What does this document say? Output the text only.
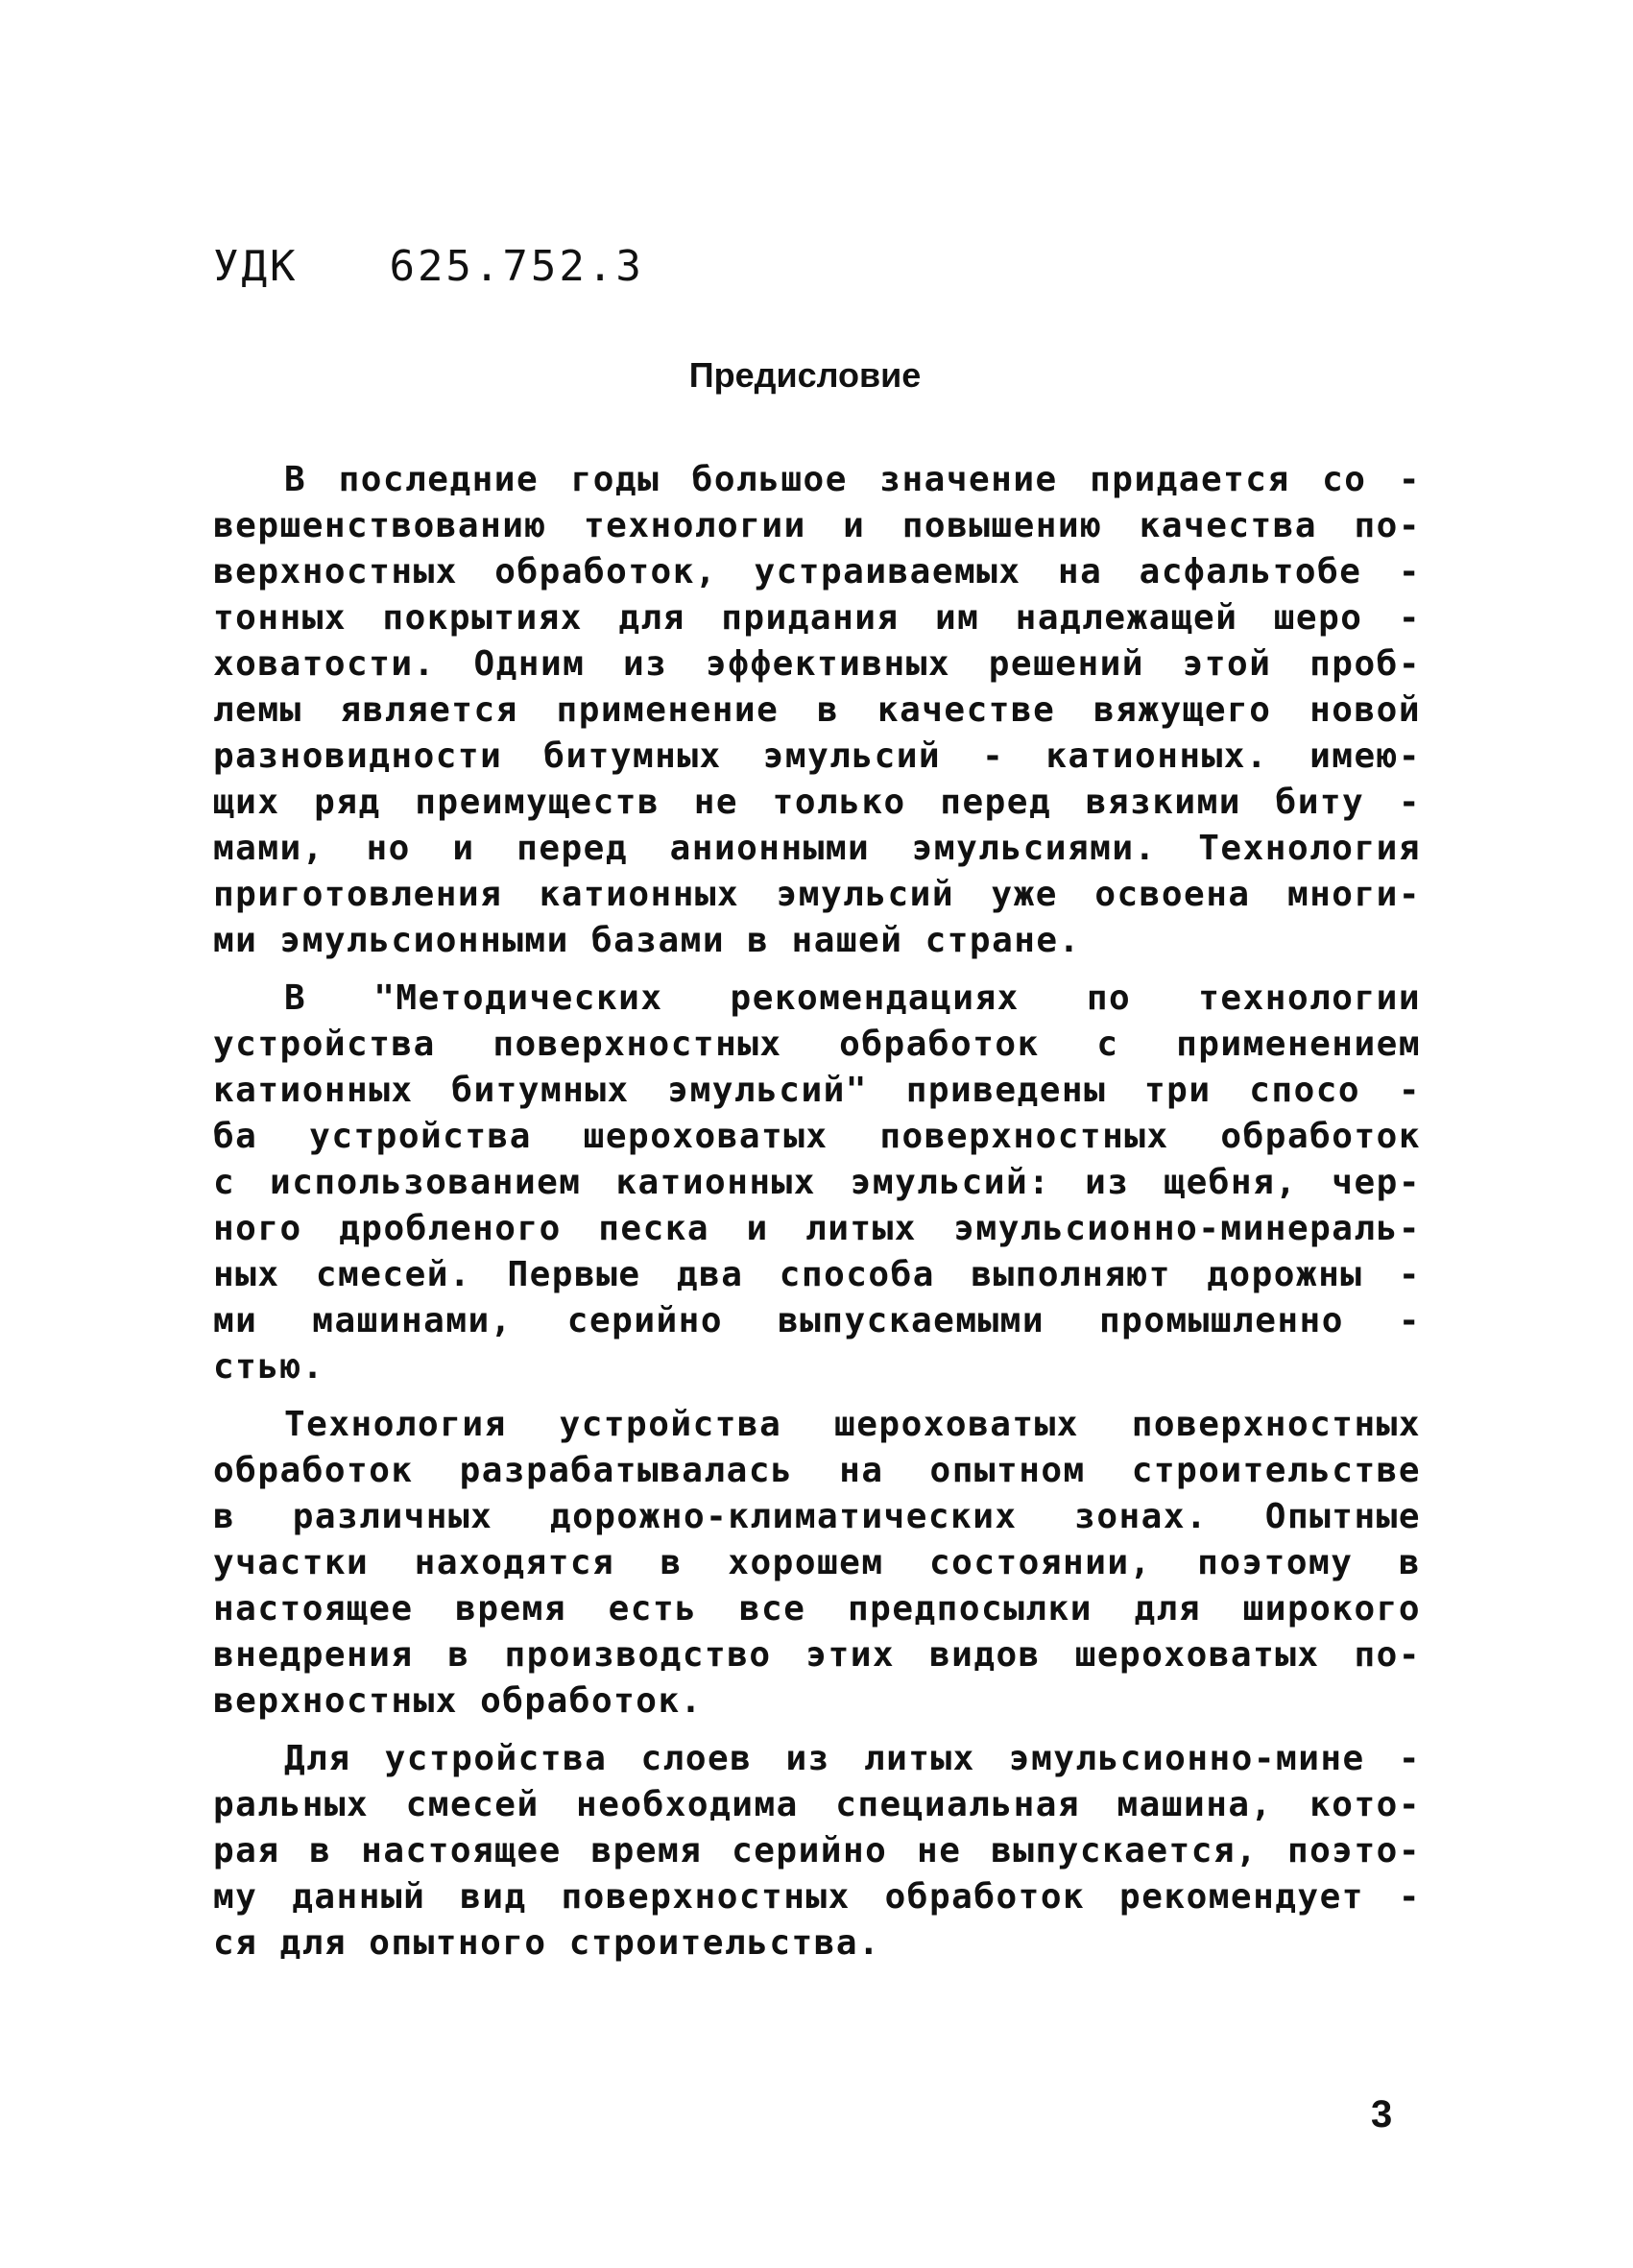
УДК  625.752.3
Предисловие
В последние годы большое значение придается со -
вершенствованию технологии и повышению качества по-
верхностных обработок, устраиваемых на асфальтобе -
тонных покрытиях для придания им надлежащей шеро -
ховатости. Одним из эффективных решений этой проб-
лемы является применение в качестве вяжущего новой
разновидности битумных эмульсий - катионных. имею-
щих ряд преимуществ не только перед вязкими биту -
мами, но и перед анионными эмульсиями. Технология
приготовления катионных эмульсий уже освоена многи-
ми эмульсионными базами в нашей стране.
В "Методических рекомендациях по технологии
устройства поверхностных обработок с применением
катионных битумных эмульсий" приведены три спосо -
ба устройства шероховатых поверхностных обработок
с использованием катионных эмульсий: из щебня, чер-
ного дробленого песка и литых эмульсионно-минераль-
ных смесей. Первые два способа выполняют дорожны -
ми машинами, серийно выпускаемыми промышленно -
стью.
Технология устройства шероховатых поверхностных
обработок разрабатывалась на опытном строительстве
в различных дорожно-климатических зонах. Опытные
участки находятся в хорошем состоянии, поэтому в
настоящее время есть все предпосылки для широкого
внедрения в производство этих видов шероховатых по-
верхностных обработок.
Для устройства слоев из литых эмульсионно-мине -
ральных смесей необходима специальная машина, кото-
рая в настоящее время серийно не выпускается, поэто-
му данный вид поверхностных обработок рекомендует -
ся для опытного строительства.
3
